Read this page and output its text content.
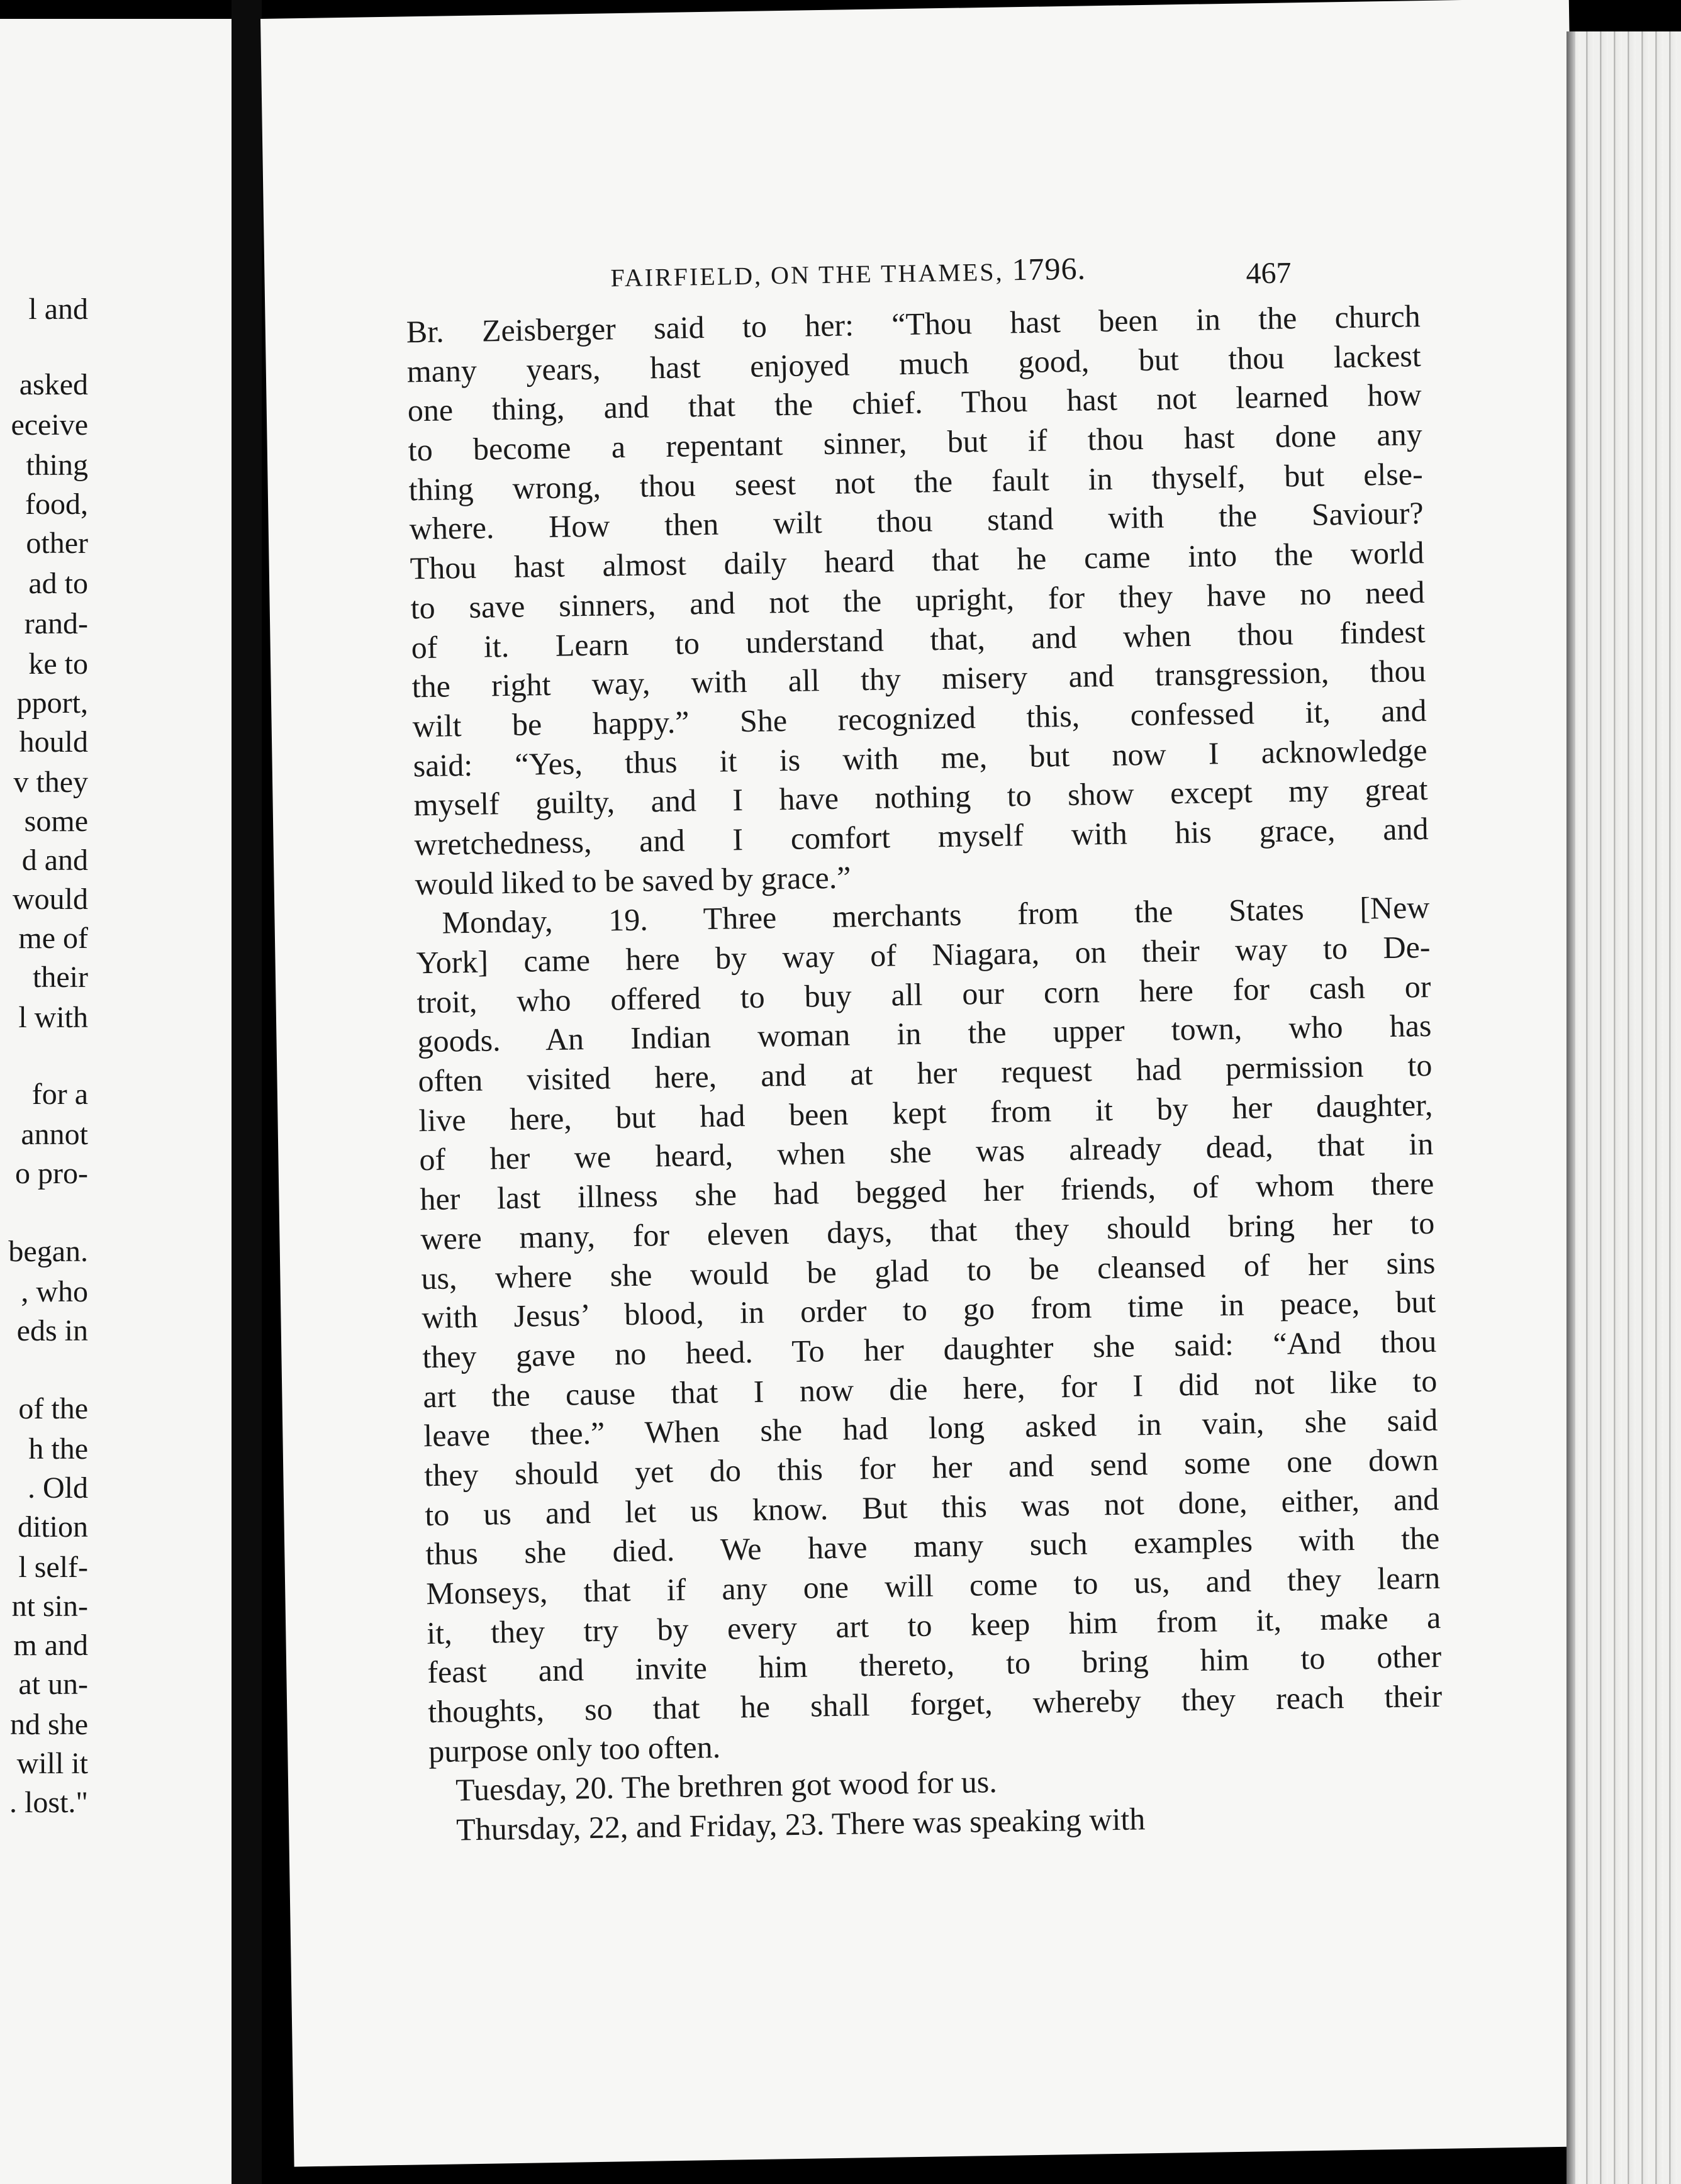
l and
asked
eceive
thing
food,
other
ad to
rand-
ke to
pport,
hould
v they
some
d and
would
me of
their
l with
for a
annot
o pro-
began.
, who
eds in
of the
h the
. Old
dition
l self-
nt sin-
m and
at un-
nd she
will it
. lost."
FAIRFIELD, ON THE THAMES, 1796.	467
Br. Zeisberger said to her: “Thou hast been in the church
many years, hast enjoyed much good, but thou lackest
one thing, and that the chief. Thou hast not learned how
to become a repentant sinner, but if thou hast done any
thing wrong, thou seest not the fault in thyself, but else-
where. How then wilt thou stand with the Saviour?
Thou hast almost daily heard that he came into the world
to save sinners, and not the upright, for they have no need
of it. Learn to understand that, and when thou findest
the right way, with all thy misery and transgression, thou
wilt be happy.” She recognized this, confessed it, and
said: “Yes, thus it is with me, but now I acknowledge
myself guilty, and I have nothing to show except my great
wretchedness, and I comfort myself with his grace, and
would liked to be saved by grace.”
Monday, 19. Three merchants from the States [New
York] came here by way of Niagara, on their way to De-
troit, who offered to buy all our corn here for cash or
goods. An Indian woman in the upper town, who has
often visited here, and at her request had permission to
live here, but had been kept from it by her daughter,
of her we heard, when she was already dead, that in
her last illness she had begged her friends, of whom there
were many, for eleven days, that they should bring her to
us, where she would be glad to be cleansed of her sins
with Jesus’ blood, in order to go from time in peace, but
they gave no heed. To her daughter she said: “And thou
art the cause that I now die here, for I did not like to
leave thee.” When she had long asked in vain, she said
they should yet do this for her and send some one down
to us and let us know. But this was not done, either, and
thus she died. We have many such examples with the
Monseys, that if any one will come to us, and they learn
it, they try by every art to keep him from it, make a
feast and invite him thereto, to bring him to other
thoughts, so that he shall forget, whereby they reach their
purpose only too often.
Tuesday, 20. The brethren got wood for us.
Thursday, 22, and Friday, 23. There was speaking with
